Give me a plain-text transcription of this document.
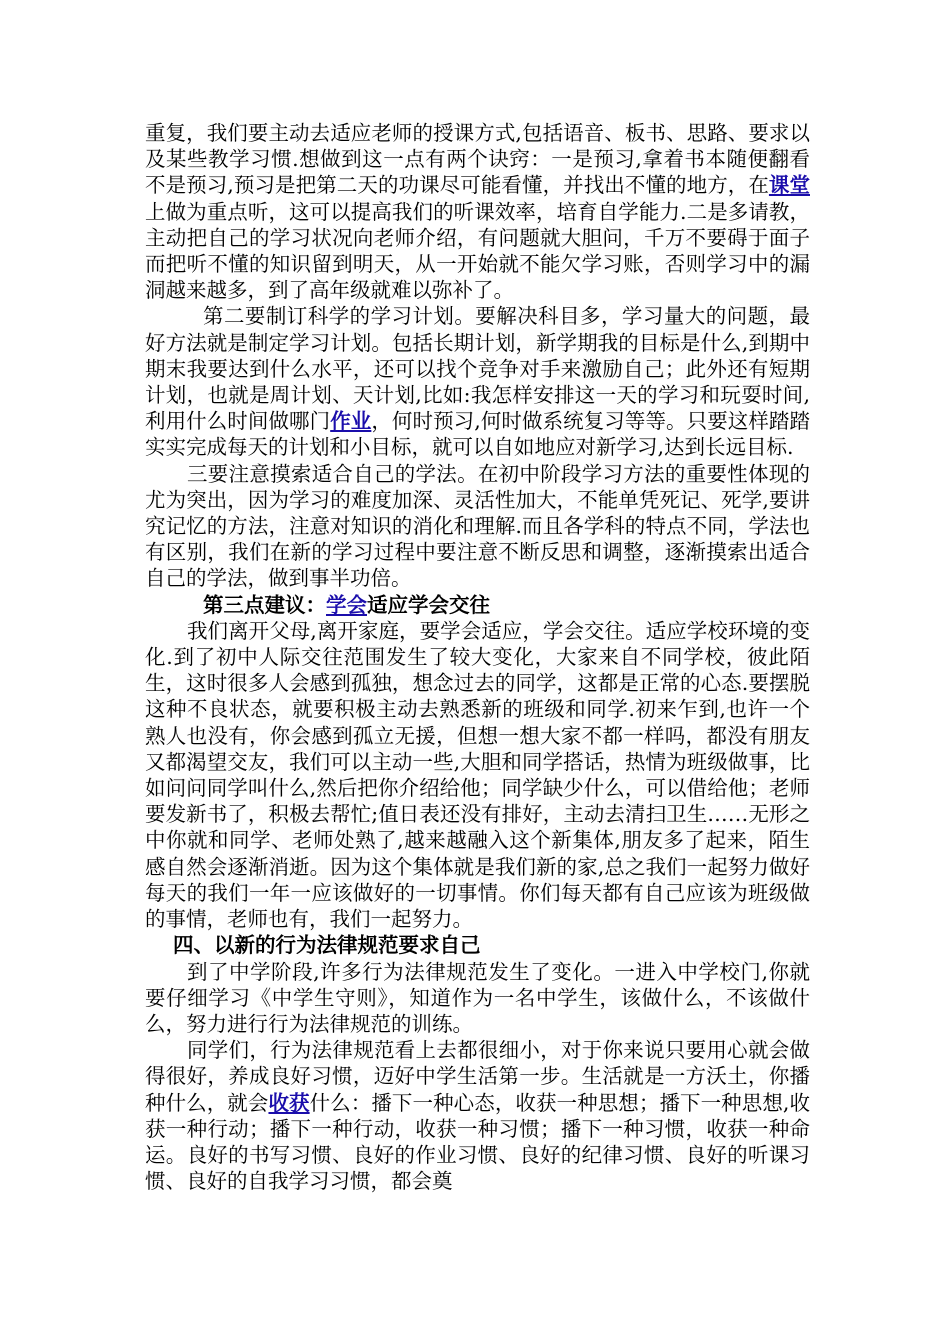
重复，我们要主动去适应老师的授课方式,包括语音、板书、思路、要求以及某些教学习惯.想做到这一点有两个诀窍：一是预习,拿着书本随便翻看不是预习,预习是把第二天的功课尽可能看懂，并找出不懂的地方，在课堂上做为重点听，这可以提高我们的听课效率，培育自学能力.二是多请教，主动把自己的学习状况向老师介绍，有问题就大胆问，千万不要碍于面子而把听不懂的知识留到明天，从一开始就不能欠学习账，否则学习中的漏洞越来越多，到了高年级就难以弥补了。

第二要制订科学的学习计划。要解决科目多，学习量大的问题，最好方法就是制定学习计划。包括长期计划，新学期我的目标是什么,到期中期末我要达到什么水平，还可以找个竞争对手来激励自己；此外还有短期计划，也就是周计划、天计划,比如:我怎样安排这一天的学习和玩耍时间,利用什么时间做哪门作业，何时预习,何时做系统复习等等。只要这样踏踏实实完成每天的计划和小目标，就可以自如地应对新学习,达到长远目标.

三要注意摸索适合自己的学法。在初中阶段学习方法的重要性体现的尤为突出，因为学习的难度加深、灵活性加大，不能单凭死记、死学,要讲究记忆的方法，注意对知识的消化和理解.而且各学科的特点不同，学法也有区别，我们在新的学习过程中要注意不断反思和调整，逐渐摸索出适合自己的学法，做到事半功倍。

第三点建议：学会适应学会交往

我们离开父母,离开家庭，要学会适应，学会交往。适应学校环境的变化.到了初中人际交往范围发生了较大变化，大家来自不同学校，彼此陌生，这时很多人会感到孤独，想念过去的同学，这都是正常的心态.要摆脱这种不良状态，就要积极主动去熟悉新的班级和同学.初来乍到,也许一个熟人也没有，你会感到孤立无援，但想一想大家不都一样吗，都没有朋友又都渴望交友，我们可以主动一些,大胆和同学搭话，热情为班级做事，比如问问同学叫什么,然后把你介绍给他；同学缺少什么，可以借给他；老师要发新书了，积极去帮忙;值日表还没有排好，主动去清扫卫生……无形之中你就和同学、老师处熟了,越来越融入这个新集体,朋友多了起来，陌生感自然会逐渐消逝。因为这个集体就是我们新的家,总之我们一起努力做好每天的我们一年一应该做好的一切事情。你们每天都有自己应该为班级做的事情，老师也有，我们一起努力。

四、以新的行为法律规范要求自己

到了中学阶段,许多行为法律规范发生了变化。一进入中学校门,你就要仔细学习《中学生守则》，知道作为一名中学生，该做什么，不该做什么，努力进行行为法律规范的训练。

同学们，行为法律规范看上去都很细小，对于你来说只要用心就会做得很好，养成良好习惯，迈好中学生活第一步。生活就是一方沃土，你播种什么，就会收获什么：播下一种心态，收获一种思想；播下一种思想,收获一种行动；播下一种行动，收获一种习惯；播下一种习惯，收获一种命运。良好的书写习惯、良好的作业习惯、良好的纪律习惯、良好的听课习惯、良好的自我学习习惯，都会奠
